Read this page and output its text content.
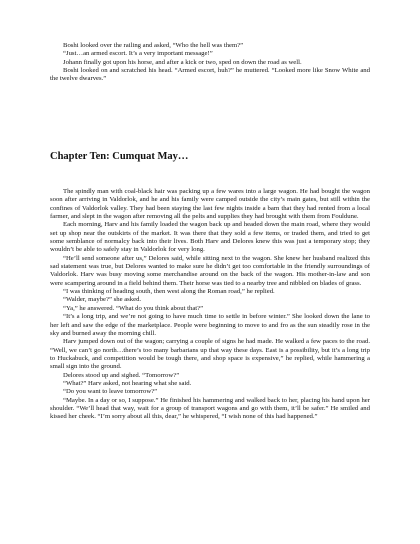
Boshi looked over the railing and asked, “Who the hell was them?”

“Just…an armed escort. It’s a very important message!”

Johann finally got upon his horse, and after a kick or two, sped on down the road as well.

Boshi looked on and scratched his head. “Armed escort, huh?” he muttered. “Looked more like Snow White and the twelve dwarves.”

Chapter Ten: Cumquat May…

The spindly man with coal-black hair was packing up a few wares into a large wagon. He had bought the wagon soon after arriving in Valdorlok, and he and his family were camped outside the city’s main gates, but still within the confines of Valdorlok valley. They had been staying the last few nights inside a barn that they had rented from a local farmer, and slept in the wagon after removing all the pelts and supplies they had brought with them from Fouldune.

Each morning, Harv and his family loaded the wagon back up and headed down the main road, where they would set up shop near the outskirts of the market. It was there that they sold a few items, or traded them, and tried to get some semblance of normalcy back into their lives. Both Harv and Delores knew this was just a temporary stop; they wouldn’t be able to safely stay in Valdorlok for very long.

“He’ll send someone after us,” Delores said, while sitting next to the wagon. She knew her husband realized this sad statement was true, but Delores wanted to make sure he didn’t get too comfortable in the friendly surroundings of Valdorlok. Harv was busy moving some merchandise around on the back of the wagon. His mother-in-law and son were scampering around in a field behind them. Their horse was tied to a nearby tree and nibbled on blades of grass.

“I was thinking of heading south, then west along the Roman road,” he replied.

“Walder, maybe?” she asked.

“Ya,” he answered. “What do you think about that?”

“It’s a long trip, and we’re not going to have much time to settle in before winter.” She looked down the lane to her left and saw the edge of the marketplace. People were beginning to move to and fro as the sun steadily rose in the sky and burned away the morning chill.

Harv jumped down out of the wagon; carrying a couple of signs he had made. He walked a few paces to the road. “Well, we can’t go north…there’s too many barbarians up that way these days. East is a possibility, but it’s a long trip to Huckabuck, and competition would be tough there, and shop space is expensive,” he replied, while hammering a small sign into the ground.

Delores stood up and sighed. “Tomorrow?”

“What?” Harv asked, not hearing what she said.

“Do you want to leave tomorrow?”

“Maybe. In a day or so, I suppose.” He finished his hammering and walked back to her, placing his hand upon her shoulder. “We’ll head that way, wait for a group of transport wagons and go with them, it’ll be safer.” He smiled and kissed her cheek. “I’m sorry about all this, dear,” he whispered, “I wish none of this had happened.”
